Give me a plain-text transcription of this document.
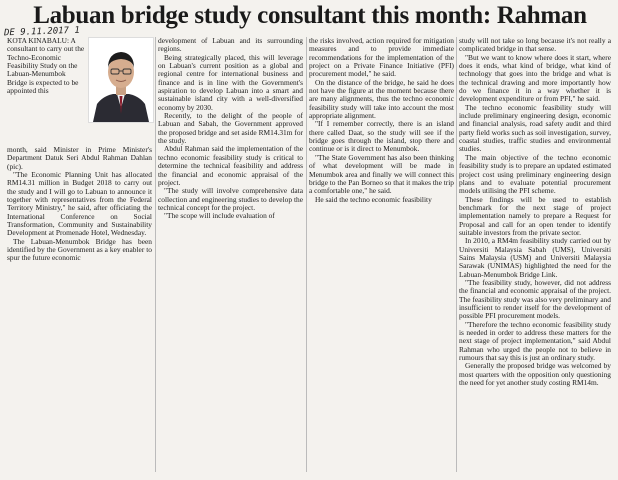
Labuan bridge study consultant this month: Rahman
DE 9.11.2017 1

KOTA KINABALU: A consultant to carry out the Techno-Economic Feasibility Study on the Labuan-Menumbok Bridge is expected to be appointed this

month, said Minister in Prime Minister's Department Datuk Seri Abdul Rahman Dahlan (pic).

"The Economic Planning Unit has allocated RM14.31 million in Budget 2018 to carry out the study and I will go to Labuan to announce it together with representatives from the Federal Territory Ministry," he said, after officiating the International Conference on Social Transformation, Community and Sustainability Development at Promenade Hotel, Wednesday.

The Labuan-Menumbok Bridge has been identified by the Government as a key enabler to spur the future economic

development of Labuan and its surrounding regions.

Being strategically placed, this will leverage on Labuan's current position as a global and regional centre for international business and finance and is in line with the Government's aspiration to develop Labuan into a smart and sustainable island city with a well-diversified economy by 2030.

Recently, to the delight of the people of Labuan and Sabah, the Government approved the proposed bridge and set aside RM14.31m for the study.

Abdul Rahman said the implementation of the techno economic feasibility study is critical to determine the technical feasibility and address the financial and economic appraisal of the project.

"The study will involve comprehensive data collection and engineering studies to develop the technical concept for the project.

"The scope will include evaluation of

the risks involved, action required for mitigation measures and to provide immediate recommendations for the implementation of the project on a Private Finance Initiative (PFI) procurement model," he said.

On the distance of the bridge, he said he does not have the figure at the moment because there are many alignments, thus the techno economic feasibility study will take into account the most appropriate alignment.

"If I remember correctly, there is an island there called Daat, so the study will see if the bridge goes through the island, stop there and continue or is it direct to Menumbok.

"The State Government has also been thinking of what development will be made in Menumbok area and finally we will connect this bridge to the Pan Borneo so that it makes the trip a comfortable one," he said.

He said the techno economic feasibility

study will not take so long because it's not really a complicated bridge in that sense.

"But we want to know where does it start, where does it ends, what kind of bridge, what kind of technology that goes into the bridge and what is the technical drawing and more importantly how do we finance it in a way whether it is development expenditure or from PFI," he said.

The techno economic feasibility study will include preliminary engineering design, economic and financial analysis, road safety audit and third party field works such as soil investigation, survey, coastal studies, traffic studies and environmental studies.

The main objective of the techno economic feasibility study is to prepare an updated estimated project cost using preliminary engineering design plans and to evaluate potential procurement models utilising the PFI scheme.

These findings will be used to establish benchmark for the next stage of project implementation namely to prepare a Request for Proposal and call for an open tender to identify suitable investors from the private sector.

In 2010, a RM4m feasibility study carried out by Universiti Malaysia Sabah (UMS), Universiti Sains Malaysia (USM) and Universiti Malaysia Sarawak (UNIMAS) highlighted the need for the Labuan-Menumbok Bridge Link.

"The feasibility study, however, did not address the financial and economic appraisal of the project. The feasibility study was also very preliminary and insufficient to render itself for the development of possible PFI procurement models.

"Therefore the techno economic feasibility study is needed in order to address these matters for the next stage of project implementation," said Abdul Rahman who urged the people not to believe in rumours that say this is just an ordinary study.

Generally the proposed bridge was welcomed by most quarters with the opposition only questioning the need for yet another study costing RM14m.
